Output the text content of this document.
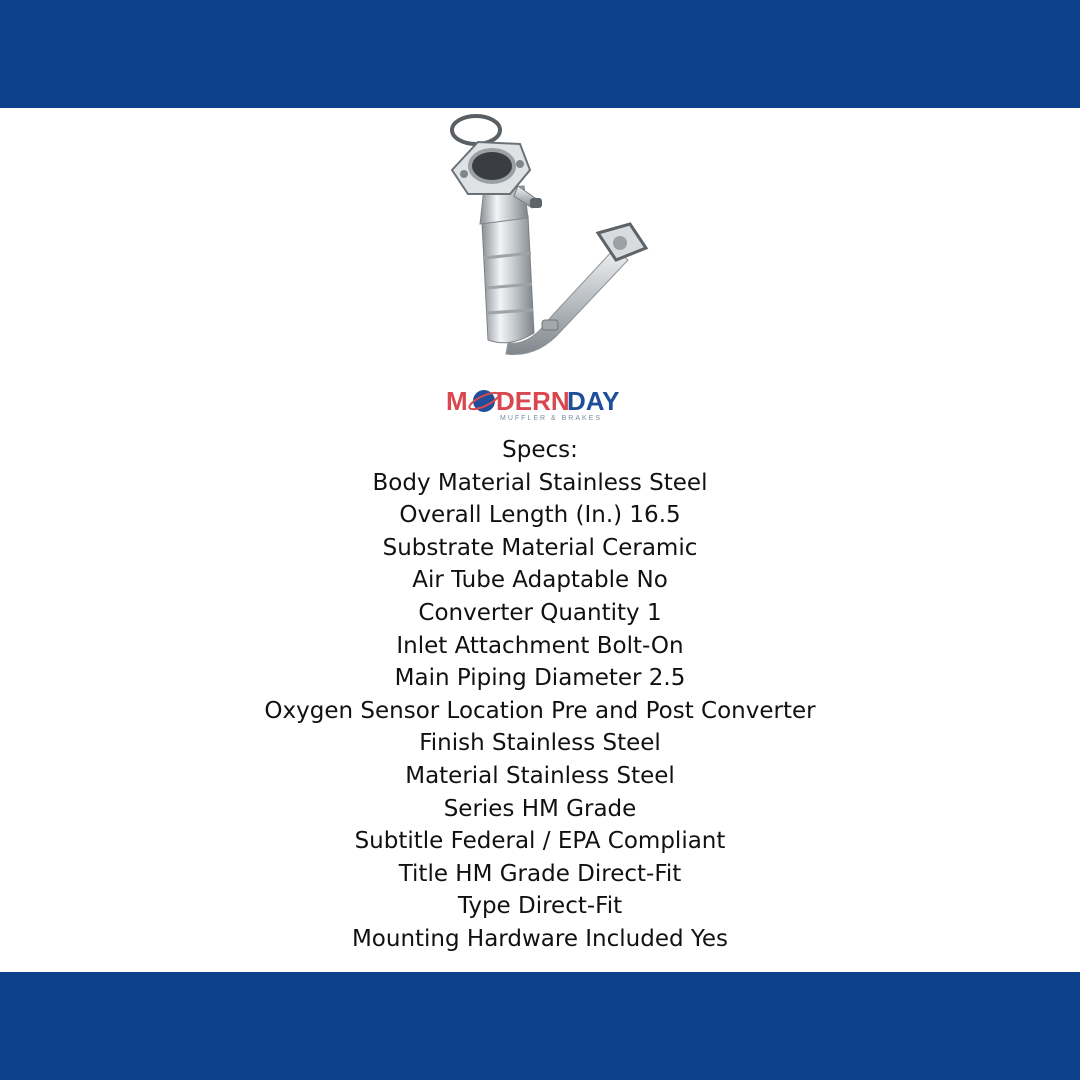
M DERN
DAY
MUFFLER & BRAKES
Specs:
Body Material Stainless Steel
Overall Length (In.) 16.5
Substrate Material Ceramic
Air Tube Adaptable No
Converter Quantity 1
Inlet Attachment Bolt-On
Main Piping Diameter 2.5
Oxygen Sensor Location Pre and Post Converter
Finish Stainless Steel
Material Stainless Steel
Series HM Grade
Subtitle Federal / EPA Compliant
Title HM Grade Direct-Fit
Type Direct-Fit
Mounting Hardware Included Yes
